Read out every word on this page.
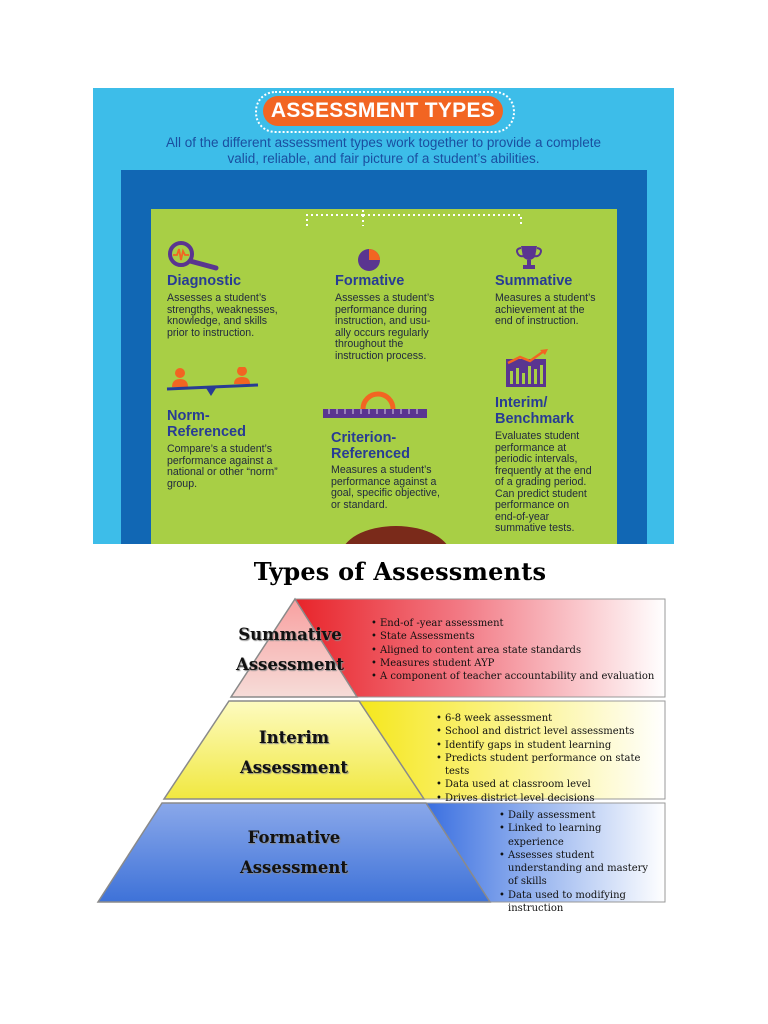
ASSESSMENT TYPES
All of the different assessment types work together to provide a complete
valid, reliable, and fair picture of a student’s abilities.
Diagnostic
Assesses a student’s
strengths, weaknesses,
knowledge, and skills
prior to instruction.
Formative
Assesses a student’s
performance during
instruction, and usu-
ally occurs regularly
throughout the
instruction process.
Summative
Measures a student’s
achievement at the
end of instruction.
Norm-
Referenced
Compare’s a student’s
performance against a
national or other “norm”
group.
Criterion-
Referenced
Measures a student’s
performance against a
goal, specific objective,
or standard.
Interim/
Benchmark
Evaluates student
performance at
periodic intervals,
frequently at the end
of a grading period.
Can predict student
performance on
end-of-year
summative tests.
Types of Assessments
Summative
Assessment
Interim
Assessment
Formative
Assessment
• End-of -year assessment
• State Assessments
• Aligned to content area state standards
• Measures student AYP
• A component of teacher accountability and evaluation
• 6-8 week assessment
• School and district level assessments
• Identify gaps in student learning
• Predicts student performance on state tests
• Data used at classroom level
• Drives district level decisions
• Daily assessment
• Linked to learning experience
• Assesses student understanding and mastery of skills
• Data used to modifying instruction
